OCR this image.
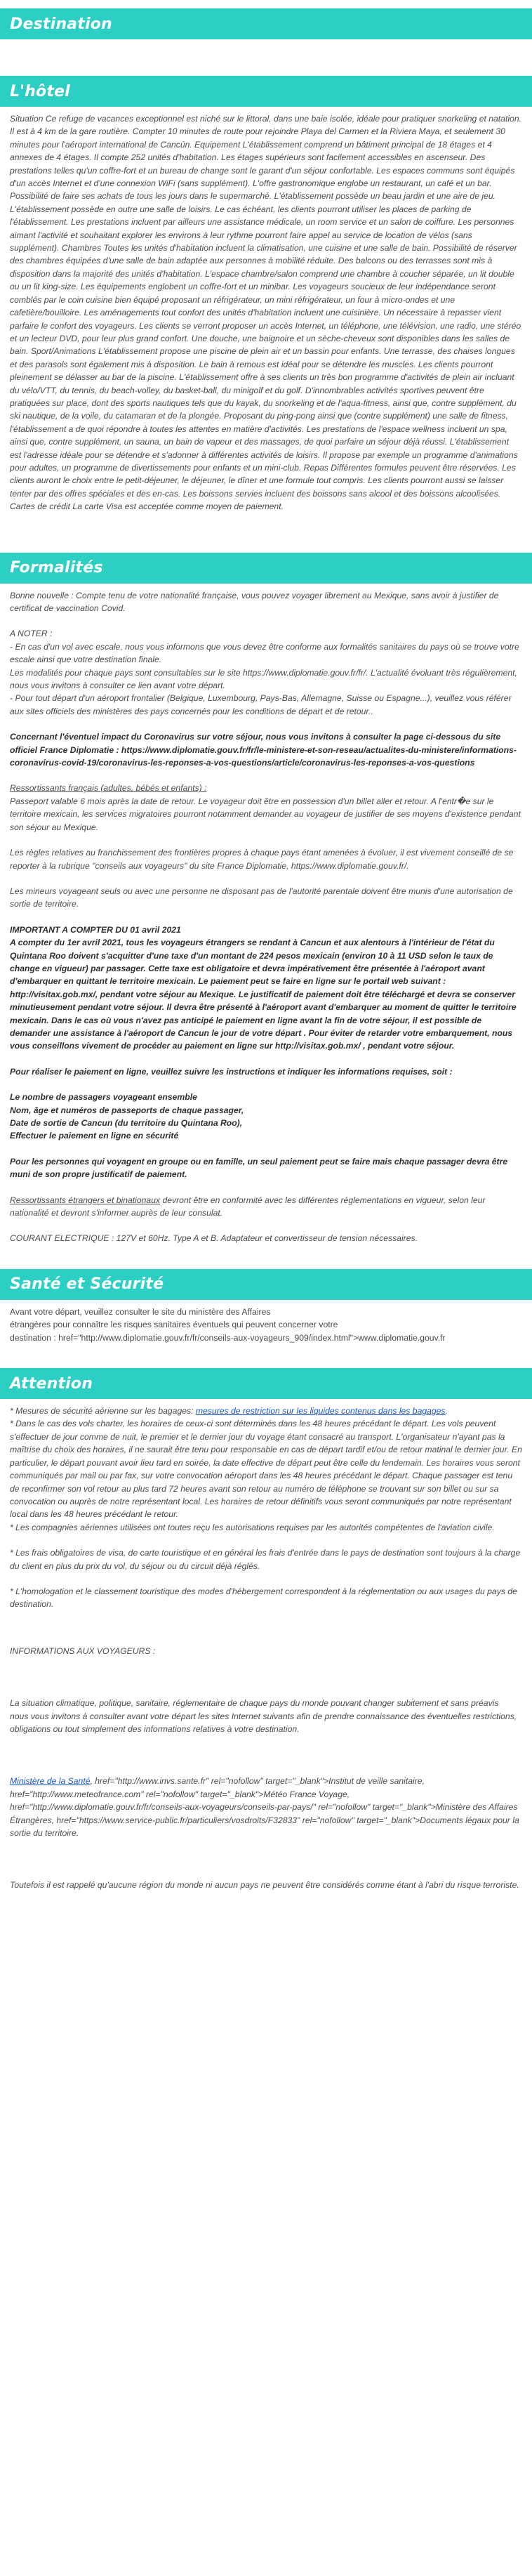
Destination
L'hôtel

Situation Ce refuge de vacances exceptionnel est niché sur le littoral, dans une baie isolée, idéale pour pratiquer snorkeling et natation. Il est à 4 km de la gare routière. Compter 10 minutes de route pour rejoindre Playa del Carmen et la Riviera Maya, et seulement 30 minutes pour l'aéroport international de Cancún. Equipement L'établissement comprend un bâtiment principal de 18 étages et 4 annexes de 4 étages. Il compte 252 unités d'habitation. Les étages supérieurs sont facilement accessibles en ascenseur. Des prestations telles qu'un coffre-fort et un bureau de change sont le garant d'un séjour confortable. Les espaces communs sont équipés d'un accès Internet et d'une connexion WiFi (sans supplément). L'offre gastronomique englobe un restaurant, un café et un bar. Possibilité de faire ses achats de tous les jours dans le supermarché. L'établissement possède un beau jardin et une aire de jeu. L'établissement possède en outre une salle de loisirs. Le cas échéant, les clients pourront utiliser les places de parking de l'établissement. Les prestations incluent par ailleurs une assistance médicale, un room service et un salon de coiffure. Les personnes aimant l'activité et souhaitant explorer les environs à leur rythme pourront faire appel au service de location de vélos (sans supplément). Chambres Toutes les unités d'habitation incluent la climatisation, une cuisine et une salle de bain. Possibilité de réserver des chambres équipées d'une salle de bain adaptée aux personnes à mobilité réduite. Des balcons ou des terrasses sont mis à disposition dans la majorité des unités d'habitation. L'espace chambre/salon comprend une chambre à coucher séparée, un lit double ou un lit king-size. Les équipements englobent un coffre-fort et un minibar. Les voyageurs soucieux de leur indépendance seront comblés par le coin cuisine bien équipé proposant un réfrigérateur, un mini réfrigérateur, un four à micro-ondes et une cafetière/bouilloire. Les aménagements tout confort des unités d'habitation incluent une cuisinière. Un nécessaire à repasser vient parfaire le confort des voyageurs. Les clients se verront proposer un accès Internet, un téléphone, une télévision, une radio, une stéréo et un lecteur DVD, pour leur plus grand confort. Une douche, une baignoire et un sèche-cheveux sont disponibles dans les salles de bain. Sport/Animations L'établissement propose une piscine de plein air et un bassin pour enfants. Une terrasse, des chaises longues et des parasols sont également mis à disposition. Le bain à remous est idéal pour se détendre les muscles. Les clients pourront pleinement se délasser au bar de la piscine. L'établissement offre à ses clients un très bon programme d'activités de plein air incluant du vélo/VTT, du tennis, du beach-volley, du basket-ball, du minigolf et du golf. D'innombrables activités sportives peuvent être pratiquées sur place, dont des sports nautiques tels que du kayak, du snorkeling et de l'aqua-fitness, ainsi que, contre supplément, du ski nautique, de la voile, du catamaran et de la plongée. Proposant du ping-pong ainsi que (contre supplément) une salle de fitness, l'établissement a de quoi répondre à toutes les attentes en matière d'activités. Les prestations de l'espace wellness incluent un spa, ainsi que, contre supplément, un sauna, un bain de vapeur et des massages, de quoi parfaire un séjour déjà réussi. L'établissement est l'adresse idéale pour se détendre et s'adonner à différentes activités de loisirs. Il propose par exemple un programme d'animations pour adultes, un programme de divertissements pour enfants et un mini-club. Repas Différentes formules peuvent être réservées. Les clients auront le choix entre le petit-déjeuner, le déjeuner, le dîner et une formule tout compris. Les clients pourront aussi se laisser tenter par des offres spéciales et des en-cas. Les boissons servies incluent des boissons sans alcool et des boissons alcoolisées. Cartes de crédit La carte Visa est acceptée comme moyen de paiement.

Formalités

Bonne nouvelle : Compte tenu de votre nationalité française, vous pouvez voyager librement au Mexique, sans avoir à justifier de certificat de vaccination Covid.

A NOTER :

- En cas d'un vol avec escale, nous vous informons que vous devez être conforme aux formalités sanitaires du pays où se trouve votre escale ainsi que votre destination finale.

Les modalités pour chaque pays sont consultables sur le site https://www.diplomatie.gouv.fr/fr/. L'actualité évoluant très régulièrement, nous vous invitons à consulter ce lien avant votre départ.

- Pour tout départ d'un aéroport frontalier (Belgique, Luxembourg, Pays-Bas, Allemagne, Suisse ou Espagne...), veuillez vous référer aux sites officiels des ministères des pays concernés pour les conditions de départ et de retour..

Concernant l'éventuel impact du Coronavirus sur votre séjour, nous vous invitons à consulter la page ci-dessous du site officiel France Diplomatie : https://www.diplomatie.gouv.fr/fr/le-ministere-et-son-reseau/actualites-du-ministere/informations-coronavirus-covid-19/coronavirus-les-reponses-a-vos-questions/article/coronavirus-les-reponses-a-vos-questions

Ressortissants français (adultes, bébés et enfants) :

Passeport valable 6 mois après la date de retour. Le voyageur doit être en possession d'un billet aller et retour. A l'entr�e sur le territoire mexicain, les services migratoires pourront notamment demander au voyageur de justifier de ses moyens d'existence pendant son séjour au Mexique.

Les règles relatives au franchissement des frontières propres à chaque pays étant amenées à évoluer, il est vivement conseillé de se reporter à la rubrique "conseils aux voyageurs" du site France Diplomatie, https://www.diplomatie.gouv.fr/.

Les mineurs voyageant seuls ou avec une personne ne disposant pas de l'autorité parentale doivent être munis d'une autorisation de sortie de territoire.

IMPORTANT A COMPTER DU 01 avril 2021

A compter du 1er avril 2021, tous les voyageurs étrangers se rendant à Cancun et aux alentours à l'intérieur de l'état du Quintana Roo doivent s'acquitter d'une taxe d'un montant de 224 pesos mexicain (environ 10 à 11 USD selon le taux de change en vigueur) par passager. Cette taxe est obligatoire et devra impérativement être présentée à l'aéroport avant d'embarquer en quittant le territoire mexicain. Le paiement peut se faire en ligne sur le portail web suivant : http://visitax.gob.mx/, pendant votre séjour au Mexique. Le justificatif de paiement doit être téléchargé et devra se conserver minutieusement pendant votre séjour. Il devra être présenté à l'aéroport avant d'embarquer au moment de quitter le territoire mexicain. Dans le cas où vous n'avez pas anticipé le paiement en ligne avant la fin de votre séjour, il est possible de demander une assistance à l'aéroport de Cancun le jour de votre départ . Pour éviter de retarder votre embarquement, nous vous conseillons vivement de procéder au paiement en ligne sur http://visitax.gob.mx/ , pendant votre séjour.

Pour réaliser le paiement en ligne, veuillez suivre les instructions et indiquer les informations requises, soit :

Le nombre de passagers voyageant ensemble

Nom, âge et numéros de passeports de chaque passager,

Date de sortie de Cancun (du territoire du Quintana Roo),

Effectuer le paiement en ligne en sécurité

Pour les personnes qui voyagent en groupe ou en famille, un seul paiement peut se faire mais chaque passager devra être muni de son propre justificatif de paiement.

Ressortissants étrangers et binationaux devront être en conformité avec les différentes réglementations en vigueur, selon leur nationalité et devront s'informer auprès de leur consulat.

COURANT ELECTRIQUE : 127V et 60Hz. Type A et B. Adaptateur et convertisseur de tension nécessaires.

Santé et Sécurité

Avant votre départ, veuillez consulter le site du ministère des Affaires

étrangères pour connaître les risques sanitaires éventuels qui peuvent concerner votre

destination : href="http://www.diplomatie.gouv.fr/fr/conseils-aux-voyageurs_909/index.html">www.diplomatie.gouv.fr

Attention

* Mesures de sécurité aérienne sur les bagages: mesures de restriction sur les liquides contenus dans les bagages.

* Dans le cas des vols charter, les horaires de ceux-ci sont déterminés dans les 48 heures précédant le départ. Les vols peuvent s'effectuer de jour comme de nuit, le premier et le dernier jour du voyage étant consacré au transport. L'organisateur n'ayant pas la maîtrise du choix des horaires, il ne saurait être tenu pour responsable en cas de départ tardif et/ou de retour matinal le dernier jour. En particulier, le départ pouvant avoir lieu tard en soirée, la date effective de départ peut être celle du lendemain. Les horaires vous seront communiqués par mail ou par fax, sur votre convocation aéroport dans les 48 heures précédant le départ. Chaque passager est tenu de reconfirmer son vol retour au plus tard 72 heures avant son retour au numéro de téléphone se trouvant sur son billet ou sur sa convocation ou auprès de notre représentant local. Les horaires de retour définitifs vous seront communiqués par notre représentant local dans les 48 heures précédant le retour.

* Les compagnies aériennes utilisées ont toutes reçu les autorisations requises par les autorités compétentes de l'aviation civile.

* Les frais obligatoires de visa, de carte touristique et en général les frais d'entrée dans le pays de destination sont toujours à la charge du client en plus du prix du vol, du séjour ou du circuit déjà réglés.

* L'homologation et le classement touristique des modes d'hébergement correspondent à la réglementation ou aux usages du pays de destination.

INFORMATIONS AUX VOYAGEURS :

La situation climatique, politique, sanitaire, réglementaire de chaque pays du monde pouvant changer subitement et sans préavis

nous vous invitons à consulter avant votre départ les sites Internet suivants afin de prendre connaissance des éventuelles restrictions, obligations ou tout simplement des informations relatives à votre destination.

Ministère de la Santé, href="http://www.invs.sante.fr" rel="nofollow" target="_blank">Institut de veille sanitaire, href="http://www.meteofrance.com" rel="nofollow" target="_blank">Météo France Voyage, href="http://www.diplomatie.gouv.fr/fr/conseils-aux-voyageurs/conseils-par-pays/" rel="nofollow" target="_blank">Ministère des Affaires Étrangères, href="https://www.service-public.fr/particuliers/vosdroits/F32833" rel="nofollow" target="_blank">Documents légaux pour la sortie du territoire.

Toutefois il est rappelé qu'aucune région du monde ni aucun pays ne peuvent être considérés comme étant à l'abri du risque terroriste.
